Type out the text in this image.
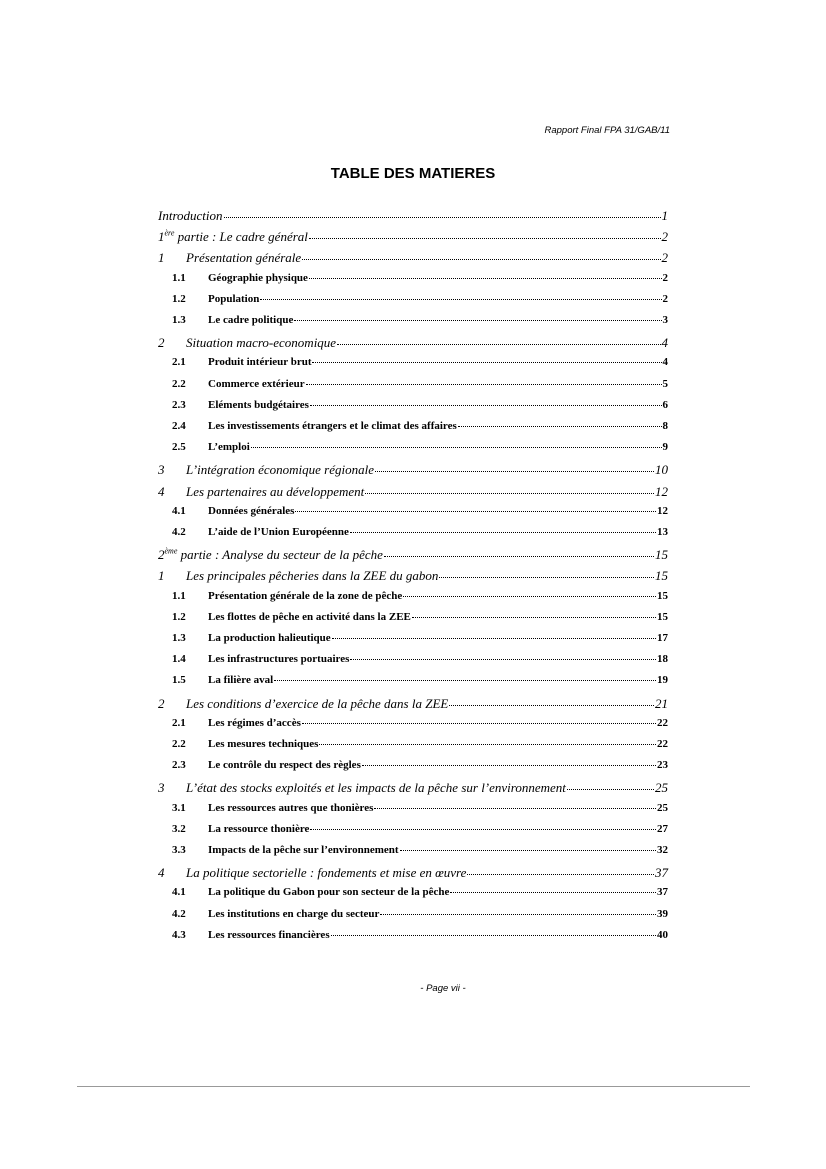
Rapport Final FPA 31/GAB/11
TABLE DES MATIERES
Introduction	1
1ère partie : Le cadre général	2
1	Présentation générale	2
1.1	Géographie physique	2
1.2	Population	2
1.3	Le cadre politique	3
2	Situation macro-economique	4
2.1	Produit intérieur brut	4
2.2	Commerce extérieur	5
2.3	Eléments budgétaires	6
2.4	Les investissements étrangers et le climat des affaires	8
2.5	L’emploi	9
3	L’intégration économique régionale	10
4	Les partenaires au développement	12
4.1	Données générales	12
4.2	L’aide de l’Union Européenne	13
2ème partie : Analyse du secteur de la pêche	15
1	Les principales pêcheries dans la ZEE du gabon	15
1.1	Présentation générale de la zone de pêche	15
1.2	Les flottes de pêche en activité dans la ZEE	15
1.3	La production halieutique	17
1.4	Les infrastructures portuaires	18
1.5	La filière aval	19
2	Les conditions d’exercice de la pêche dans la ZEE	21
2.1	Les régimes d’accès	22
2.2	Les mesures techniques	22
2.3	Le contrôle du respect des règles	23
3	L’état des stocks exploités et les impacts de la pêche sur l’environnement	25
3.1	Les ressources autres que thonières	25
3.2	La ressource thonière	27
3.3	Impacts de la pêche sur l’environnement	32
4	La politique sectorielle : fondements et mise en œuvre	37
4.1	La politique du Gabon pour son secteur de la pêche	37
4.2	Les institutions en charge du secteur	39
4.3	Les ressources financières	40
- Page vii -
